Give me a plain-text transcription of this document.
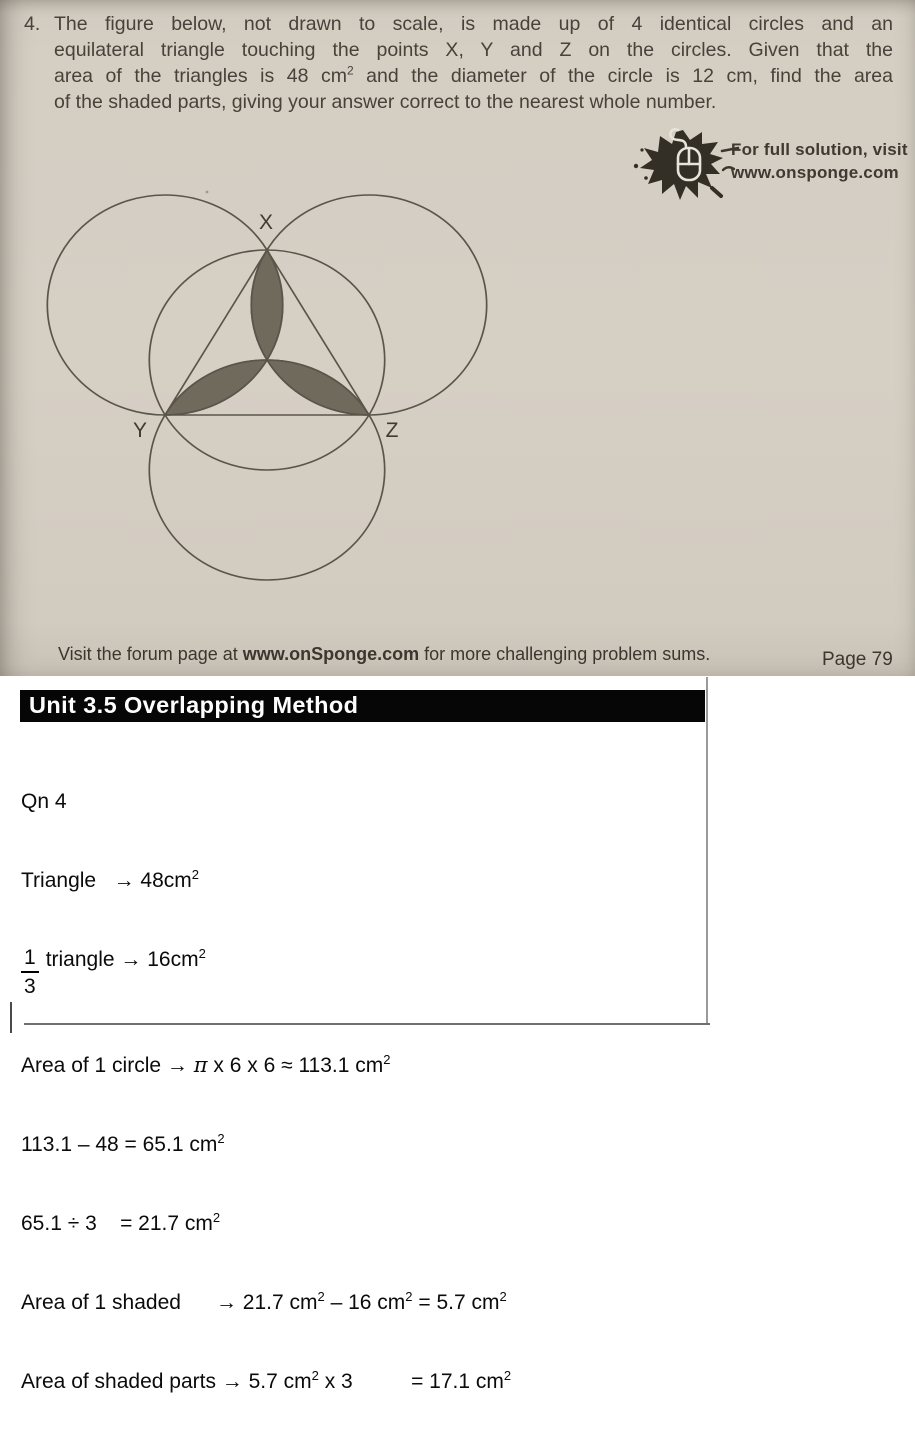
4. The figure below, not drawn to scale, is made up of 4 identical circles and an
equilateral triangle touching the points X, Y and Z on the circles. Given that the
area of the triangles is 48 $cm^2$ and the diameter of the circle is 12 cm, find the area
of the shaded parts, giving your answer correct to the nearest whole number.
For full solution, visit
www.onsponge.com
X
Y	Z
Visit the forum page at www.onSponge.com for more challenging problem sums.	Page 79
Unit 3.5 Overlapping Method

Qn 4

Triangle   → $48cm^2$

$\frac{1}{3}$ triangle → $16cm^2$

Area of 1 circle → π x 6 x 6 ≈ 113.1 $cm^2$

113.1 – 48 = 65.1 $cm^2$

65.1 ÷ 3    = 21.7 $cm^2$

Area of 1 shaded      → 21.7 $cm^2 - 16$ $cm^2 = 5.7$ $cm^2$

Area of shaded parts → 5.7 $cm^2$ x 3          = 17.1 $cm^2$
